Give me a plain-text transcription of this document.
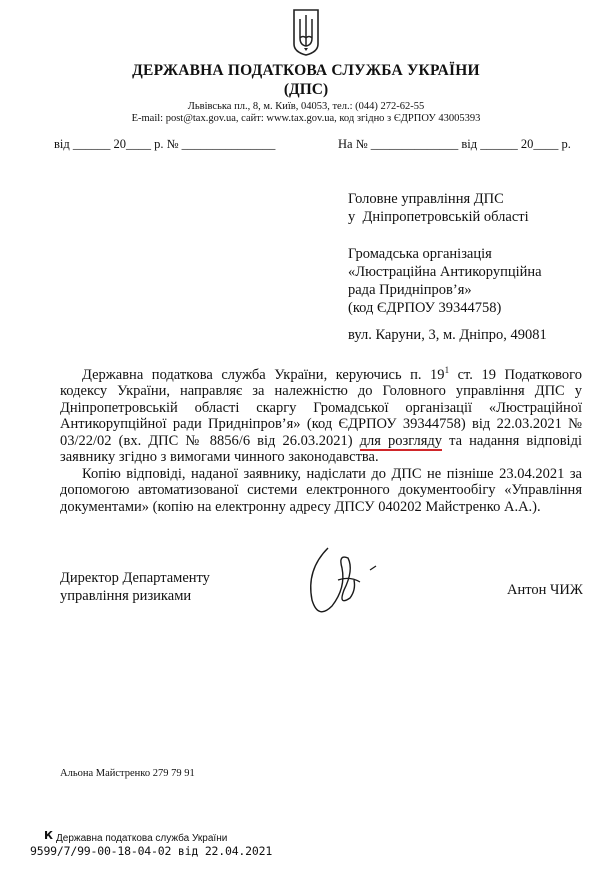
ДЕРЖАВНА ПОДАТКОВА СЛУЖБА УКРАЇНИ
(ДПС)
Львівська пл., 8, м. Київ, 04053, тел.: (044) 272-62-55
E-mail: post@tax.gov.ua, сайт: www.tax.gov.ua, код згідно з ЄДРПОУ 43005393
від ______ 20____ р. № _______________	На № ______________ від ______ 20____ р.
Головне управління ДПС
у  Дніпропетровській області
Громадська організація
«Люстраційна Антикорупційна
рада Придніпров’я»
(код ЄДРПОУ 39344758)
вул. Каруни, 3, м. Дніпро, 49081

Державна податкова служба України, керуючись п. $19^1$ ст. 19 Податкового кодексу України, направляє за належністю до Головного управління ДПС у Дніпропетровській області скаргу Громадської організації «Люстраційної Антикорупційної ради Придніпров’я» (код ЄДРПОУ 39344758) від 22.03.2021 № 03/22/02 (вх. ДПС № 8856/6 від 26.03.2021) для розгляду та надання відповіді заявнику згідно з вимогами чинного законодавства.

Копію відповіді, наданої заявнику, надіслати до ДПС не пізніше 23.04.2021 за допомогою автоматизованої системи електронного документообігу «Управління документами» (копію на електронну адресу ДПСУ 040202 Майстренко А.А.).

Директор Департаменту
управління ризиками	Антон ЧИЖ
Альона Майстренко 279 79 91
К Державна податкова служба України
9599/7/99-00-18-04-02 від 22.04.2021
